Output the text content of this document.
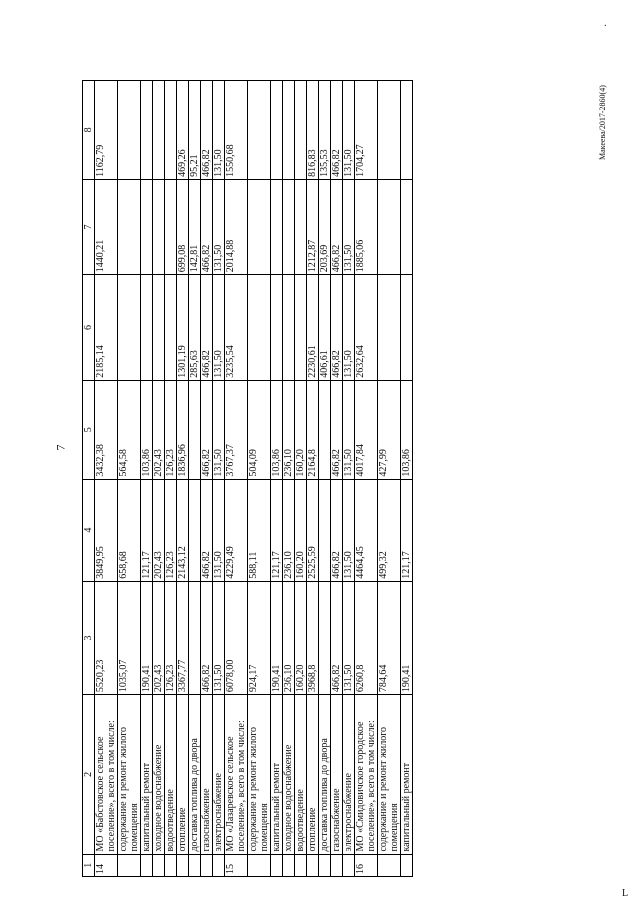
.
7
Макеева/2017-2860(4)
L
1	2	3	4	5	6	7	8
14	МО «Бабстовское сельское поселение», всего в том числе:	5520,23	3849,95	3432,38	2185,14	1440,21	1162,79
	содержание и ремонт жилого помещения	1035,07	658,68	564,58			
	капитальный ремонт	190,41	121,17	103,86			
	холодное водоснабжение	202,43	202,43	202,43			
	водоотведение	126,23	126,23	126,23			
	отопление	3367,77	2143,12	1836,96	1301,19	699,08	469,26
	доставка топлива до двора				285,63	142,81	95,21
	газоснабжение	466,82	466,82	466,82	466,82	466,82	466,82
	электроснабжение	131,50	131,50	131,50	131,50	131,50	131,50
15	МО «Лазаревское сельское поселение», всего в том числе:	6078,00	4229,49	3767,37	3235,54	2014,88	1550,68
	содержание и ремонт жилого помещения	924,17	588,11	504,09			
	капитальный ремонт	190,41	121,17	103,86			
	холодное водоснабжение	236,10	236,10	236,10			
	водоотведение	160,20	160,20	160,20			
	отопление	3968,8	2525,59	2164,8	2230,61	1212,87	816,83
	доставка топлива до двора				406,61	203,69	135,53
	газоснабжение	466,82	466,82	466,82	466,82	466,82	466,82
	электроснабжение	131,50	131,50	131,50	131,50	131,50	131,50
16	МО «Смидовичское городское поселение», всего в том числе:	6260,8	4464,45	4017,84	2632,64	1885,06	1704,27
	содержание и ремонт жилого помещения	784,64	499,32	427,99			
	капитальный ремонт	190,41	121,17	103,86			
